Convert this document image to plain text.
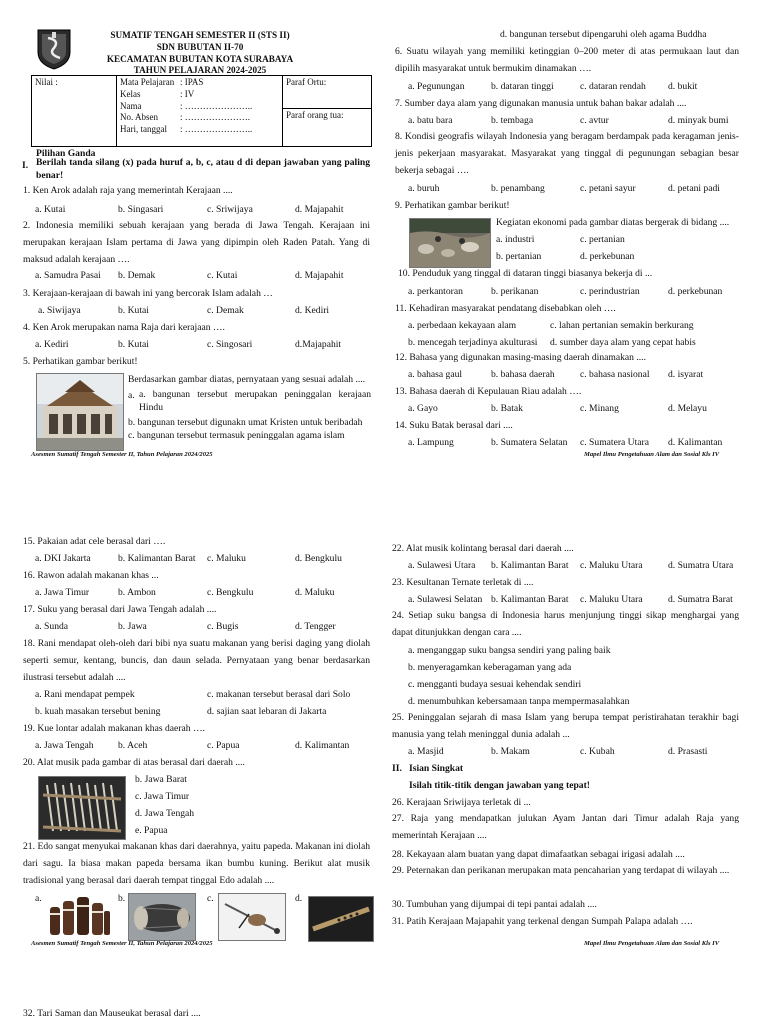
SUMATIF TENGAH SEMESTER II (STS II)
SDN BUBUTAN II-70
KECAMATAN BUBUTAN KOTA SURABAYA
TAHUN PELAJARAN 2024-2025
Nilai :	Mata Pelajaran : IPAS
Kelas	: IV
Nama	: …………………..
No. Absen	: ………………….
Hari, tanggal	: …………………..
	Paraf Ortu:
Paraf orang tua:
Pilihan Ganda
I. Berilah tanda silang (x) pada huruf a, b, c, atau d di depan jawaban yang paling benar!
1. Ken Arok adalah raja yang memerintah Kerajaan ....
a. Kutai	b. Singasari	c. Sriwijaya	d. Majapahit
2. Indonesia memiliki sebuah kerajaan yang berada di Jawa Tengah. Kerajaan ini merupakan kerajaan Islam pertama di Jawa yang dipimpin oleh Raden Patah. Yang di maksud adalah kerajaan ….
a. Samudra Pasai b. Demak	c. Kutai	d. Majapahit
3. Kerajaan-kerajaan di bawah ini yang bercorak Islam adalah …
a. Siwijaya	b. Kutai	c. Demak	d. Kediri
4. Ken Arok merupakan nama Raja dari kerajaan ….
a. Kediri	b. Kutai	c. Singosari	d.Majapahit
5. Perhatikan gambar berikut!
Berdasarkan gambar diatas, pernyataan yang sesuai adalah ....
a. a. bangunan tersebut merupakan peninggalan kerajaan Hindu
b. bangunan tersebut digunakn umat Kristen untuk beribadah
c. bangunan tersebut termasuk peninggalan agama islam
Asesmen Sumatif Tengah Semester II, Tahun Pelajaran 2024/2025
d. bangunan tersebut dipengaruhi oleh agama Buddha
6. Suatu wilayah yang memiliki ketinggian 0–200 meter di atas permukaan laut dan dipilih masyarakat untuk bermukim dinamakan ….
a. Pegunungan	b. dataran tinggi	c. dataran rendah d. bukit
7. Sumber daya alam yang digunakan manusia untuk bahan bakar adalah ....
a. batu bara	b. tembaga	c. avtur	d. minyak bumi
8. Kondisi geografis wilayah Indonesia yang beragam berdampak pada keragaman jenis-jenis pekerjaan masyarakat. Masyarakat yang tinggal di pegunungan sebagian besar bekerja sebagai ….
a. buruh	b. penambang	c. petani sayur	d. petani padi
9. Perhatikan gambar berikut!
Kegiatan ekonomi pada gambar diatas bergerak di bidang ....
a. industri	c. pertanian
b. pertanian	d. perkebunan
10. Penduduk yang tinggal di dataran tinggi biasanya bekerja di ...
a. perkantoran	b. perikanan	c. perindustrian	d. perkebunan
11. Kehadiran masyarakat pendatang disebabkan oleh ….
a. perbedaan kekayaan alam	c. lahan pertanian semakin berkurang
b. mencegah terjadinya akulturasi d. sumber daya alam yang cepat habis
12. Bahasa yang digunakan masing-masing daerah dinamakan ....
a. bahasa gaul	b. bahasa daerah	c. bahasa nasional d. isyarat
13. Bahasa daerah di Kepulauan Riau adalah ….
a. Gayo	b. Batak	c. Minang	d. Melayu
14. Suku Batak berasal dari ....
a. Lampung	b. Sumatera Selatan c. Sumatera Utara d. Kalimantan
Mapel Ilmu Pengetahuan Alam dan Sosial Kls IV
15. Pakaian adat cele berasal dari ….
a. DKI Jakarta	b. Kalimantan Barat c. Maluku	d. Bengkulu
16. Rawon adalah makanan khas ...
a. Jawa Timur	b. Ambon	c. Bengkulu	d. Maluku
17. Suku yang berasal dari Jawa Tengah adalah ....
a. Sunda	b. Jawa	c. Bugis	d. Tengger
18. Rani mendapat oleh-oleh dari bibi nya suatu makanan yang berisi daging yang diolah seperti semur, kentang, buncis, dan daun selada. Pernyataan yang benar berdasarkan ilustrasi tersebut adalah ....
a. Rani mendapat pempek	c. makanan tersebut berasal dari Solo
b. kuah masakan tersebut bening	d. sajian saat lebaran di Jakarta
19. Kue lontar adalah makanan khas daerah ….
a. Jawa Tengah	b. Aceh	c. Papua	d. Kalimantan
20. Alat musik pada gambar di atas berasal dari daerah ....
b. Jawa Barat
c. Jawa Timur
d. Jawa Tengah
e. Papua
21. Edo sangat menyukai makanan khas dari daerahnya, yaitu papeda. Makanan ini diolah dari sagu. Ia biasa makan papeda bersama ikan bumbu kuning. Berikut alat musik tradisional yang berasal dari daerah tempat tinggal Edo adalah ....
a.	b.	c.	d.
Asesmen Sumatif Tengah Semester II, Tahun Pelajaran 2024/2025
22. Alat musik kolintang berasal dari daerah ....
a. Sulawesi Utara b. Kalimantan Barat c. Maluku Utara	d. Sumatra Utara
23. Kesultanan Ternate terletak di ....
a. Sulawesi Selatan b. Kalimantan Barat c. Maluku Utara	d. Sumatra Barat
24. Setiap suku bangsa di Indonesia harus menjunjung tinggi sikap menghargai yang dapat ditunjukkan dengan cara ....
a. menganggap suku bangsa sendiri yang paling baik
b. menyeragamkan keberagaman yang ada
c. mengganti budaya sesuai kehendak sendiri
d. menumbuhkan kebersamaan tanpa mempermasalahkan
25. Peninggalan sejarah di masa Islam yang berupa tempat peristirahatan terakhir bagi manusia yang telah meninggal dunia adalah ...
a. Masjid	b. Makam	c. Kubah	d. Prasasti
II. Isian Singkat
Isilah titik-titik dengan jawaban yang tepat!
26. Kerajaan Sriwijaya terletak di ...
27. Raja yang mendapatkan julukan Ayam Jantan dari Timur adalah Raja yang memerintah Kerajaan ....
28. Kekayaan alam buatan yang dapat dimafaatkan sebagai irigasi adalah ....
29. Peternakan dan perikanan merupakan mata pencaharian yang terdapat di wilayah ....
30. Tumbuhan yang dijumpai di tepi pantai adalah ....
31. Patih Kerajaan Majapahit yang terkenal dengan Sumpah Palapa adalah ….
Mapel Ilmu Pengetahuan Alam dan Sosial Kls IV
32. Tari Saman dan Mauseukat berasal dari ....
